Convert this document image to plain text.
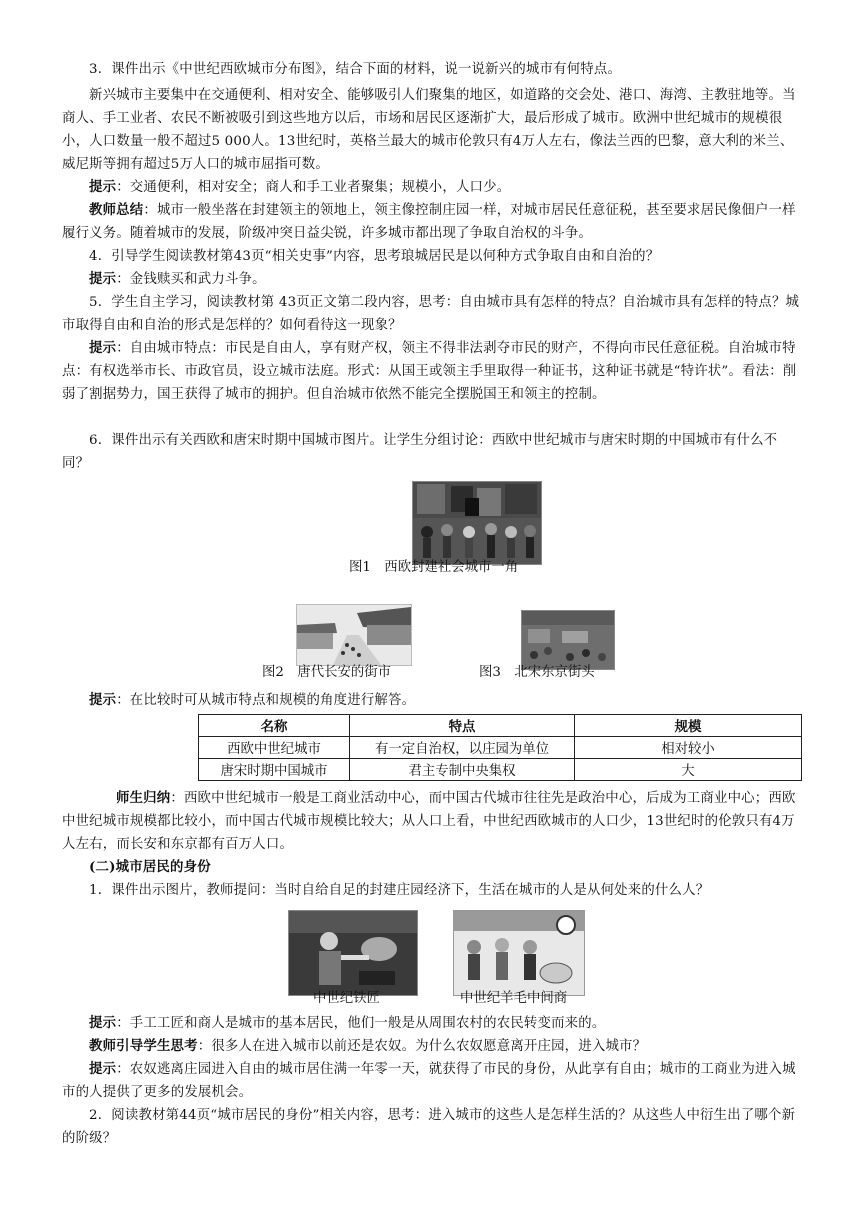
3．课件出示《中世纪西欧城市分布图》，结合下面的材料，说一说新兴的城市有何特点。

新兴城市主要集中在交通便利、相对安全、能够吸引人们聚集的地区，如道路的交会处、港口、海湾、主教驻地等。当商人、手工业者、农民不断被吸引到这些地方以后，市场和居民区逐渐扩大，最后形成了城市。欧洲中世纪城市的规模很小，人口数量一般不超过5 000人。13世纪时，英格兰最大的城市伦敦只有4万人左右，像法兰西的巴黎，意大利的米兰、威尼斯等拥有超过5万人口的城市屈指可数。

提示：交通便利，相对安全；商人和手工业者聚集；规模小，人口少。

教师总结：城市一般坐落在封建领主的领地上，领主像控制庄园一样，对城市居民任意征税，甚至要求居民像佃户一样履行义务。随着城市的发展，阶级冲突日益尖锐，许多城市都出现了争取自治权的斗争。

4．引导学生阅读教材第43页“相关史事”内容，思考琅城居民是以何种方式争取自由和自治的？

提示：金钱赎买和武力斗争。

5．学生自主学习，阅读教材第 43页正文第二段内容，思考：自由城市具有怎样的特点？自治城市具有怎样的特点？城市取得自由和自治的形式是怎样的？如何看待这一现象？

提示：自由城市特点：市民是自由人，享有财产权，领主不得非法剥夺市民的财产，不得向市民任意征税。自治城市特点：有权选举市长、市政官员，设立城市法庭。形式：从国王或领主手里取得一种证书，这种证书就是“特许状”。看法：削弱了割据势力，国王获得了城市的拥护。但自治城市依然不能完全摆脱国王和领主的控制。

6．课件出示有关西欧和唐宋时期中国城市图片。让学生分组讨论：西欧中世纪城市与唐宋时期的中国城市有什么不同？

图1　西欧封建社会城市一角
图2　唐代长安的街市	图3　北宋东京街头

提示：在比较时可从城市特点和规模的角度进行解答。

名称	特点	规模
西欧中世纪城市	有一定自治权，以庄园为单位	相对较小
唐宋时期中国城市	君主专制中央集权	大

师生归纳：西欧中世纪城市一般是工商业活动中心，而中国古代城市往往先是政治中心，后成为工商业中心；西欧中世纪城市规模都比较小，而中国古代城市规模比较大；从人口上看，中世纪西欧城市的人口少，13世纪时的伦敦只有4万人左右，而长安和东京都有百万人口。

(二)城市居民的身份

1．课件出示图片，教师提问：当时自给自足的封建庄园经济下，生活在城市的人是从何处来的什么人？

中世纪铁匠	中世纪羊毛中间商

提示：手工工匠和商人是城市的基本居民，他们一般是从周围农村的农民转变而来的。

教师引导学生思考：很多人在进入城市以前还是农奴。为什么农奴愿意离开庄园，进入城市？

提示：农奴逃离庄园进入自由的城市居住满一年零一天，就获得了市民的身份，从此享有自由；城市的工商业为进入城市的人提供了更多的发展机会。

2．阅读教材第44页“城市居民的身份”相关内容，思考：进入城市的这些人是怎样生活的？从这些人中衍生出了哪个新的阶级？
